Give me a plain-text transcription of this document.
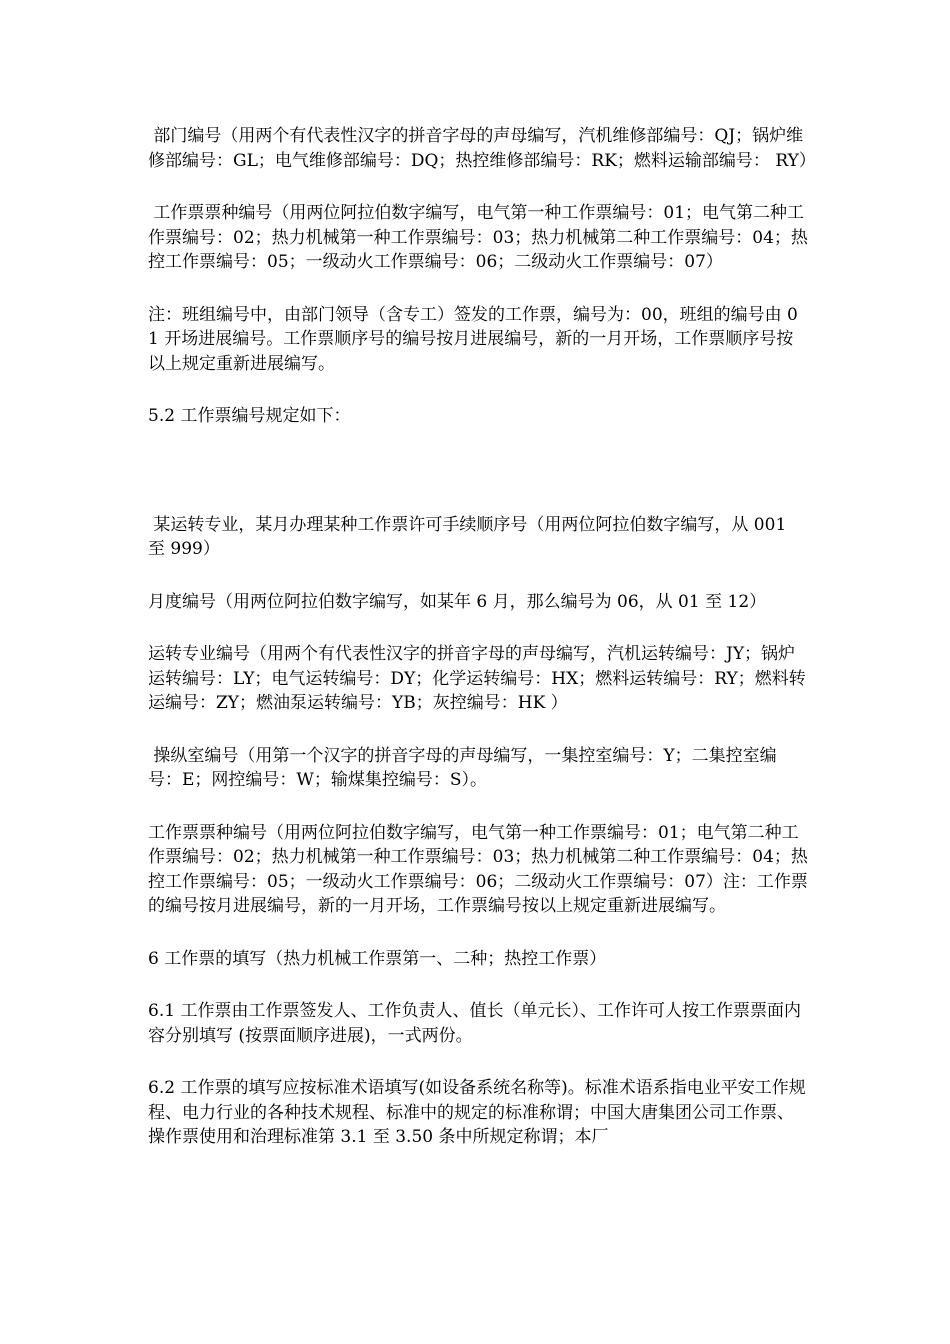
部门编号（用两个有代表性汉字的拼音字母的声母编写，汽机维修部编号：QJ；锅炉维修部编号：GL；电气维修部编号：DQ；热控维修部编号：RK；燃料运输部编号： RY）

工作票票种编号（用两位阿拉伯数字编写，电气第一种工作票编号：01；电气第二种工作票编号：02；热力机械第一种工作票编号：03；热力机械第二种工作票编号：04；热控工作票编号：05；一级动火工作票编号：06；二级动火工作票编号：07）

注：班组编号中，由部门领导（含专工）签发的工作票，编号为：00，班组的编号由 01 开场进展编号。工作票顺序号的编号按月进展编号，新的一月开场，工作票顺序号按以上规定重新进展编写。

5.2 工作票编号规定如下：

某运转专业，某月办理某种工作票许可手续顺序号（用两位阿拉伯数字编写，从 001 至 999）

月度编号（用两位阿拉伯数字编写，如某年 6 月，那么编号为 06，从 01 至 12）

运转专业编号（用两个有代表性汉字的拼音字母的声母编写，汽机运转编号：JY；锅炉运转编号：LY；电气运转编号：DY；化学运转编号：HX；燃料运转编号：RY；燃料转运编号：ZY；燃油泵运转编号：YB；灰控编号：HK ）

操纵室编号（用第一个汉字的拼音字母的声母编写，一集控室编号：Y；二集控室编号：E；网控编号：W；输煤集控编号：S）。

工作票票种编号（用两位阿拉伯数字编写，电气第一种工作票编号：01；电气第二种工作票编号：02；热力机械第一种工作票编号：03；热力机械第二种工作票编号：04；热控工作票编号：05；一级动火工作票编号：06；二级动火工作票编号：07）注：工作票的编号按月进展编号，新的一月开场，工作票编号按以上规定重新进展编写。

6 工作票的填写（热力机械工作票第一、二种；热控工作票）

6.1 工作票由工作票签发人、工作负责人、值长（单元长）、工作许可人按工作票票面内容分别填写 (按票面顺序进展)，一式两份。

6.2 工作票的填写应按标准术语填写(如设备系统名称等)。标准术语系指电业平安工作规程、电力行业的各种技术规程、标准中的规定的标准称谓；中国大唐集团公司工作票、操作票使用和治理标准第 3.1 至 3.50 条中所规定称谓；本厂
